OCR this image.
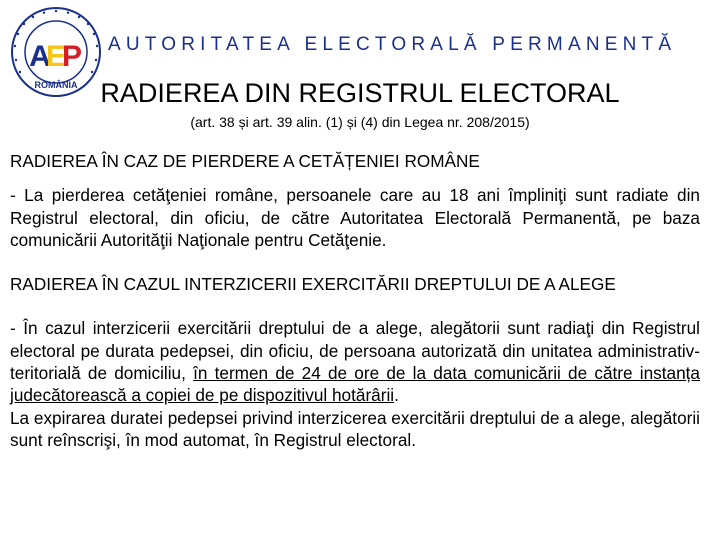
ROMÂNIA
A
E
P AUTORITATEA ELECTORALĂ PERMANENTĂ
RADIEREA DIN REGISTRUL ELECTORAL
(art. 38 și art. 39 alin. (1) și (4) din Legea nr. 208/2015)

RADIEREA ÎN CAZ DE PIERDERE A CETĂȚENIEI ROMÂNE

- La pierderea cetăţeniei române, persoanele care au 18 ani împliniţi sunt radiate din Registrul electoral, din oficiu, de către Autoritatea Electorală Permanentă, pe baza comunicării Autorităţii Naţionale pentru Cetăţenie.

RADIEREA ÎN CAZUL INTERZICERII EXERCITĂRII DREPTULUI DE A ALEGE

- În cazul interzicerii exercitării dreptului de a alege, alegătorii sunt radiaţi din Registrul electoral pe durata pedepsei, din oficiu, de persoana autorizată din unitatea administrativ-teritorială de domiciliu, în termen de 24 de ore de la data comunicării de către instanța judecătorească a copiei de pe dispozitivul hotărârii.

La expirarea duratei pedepsei privind interzicerea exercitării dreptului de a alege, alegătorii sunt reînscrişi, în mod automat, în Registrul electoral.
